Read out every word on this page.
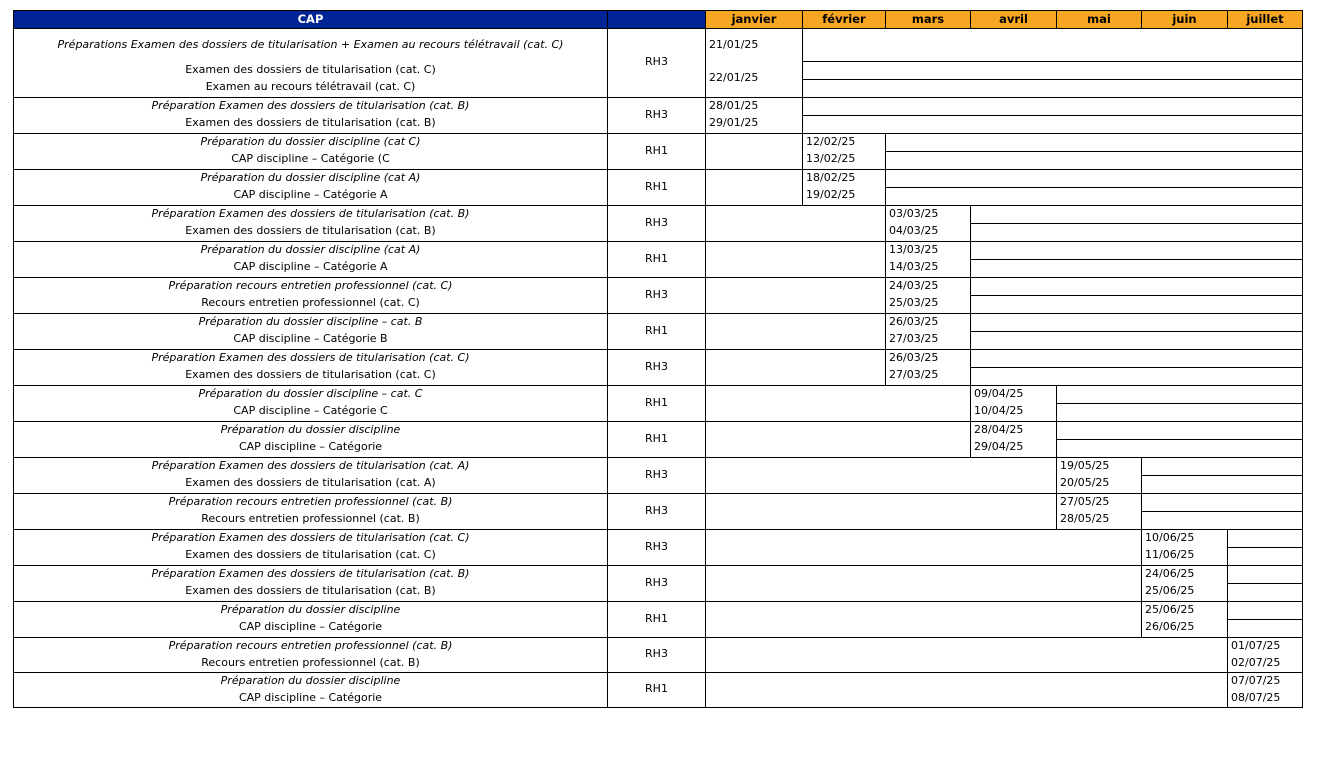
CAP		janvier	février	mars	avril	mai	juin	juillet
Préparations Examen des dossiers de titularisation + Examen au recours télétravail (cat. C)	RH3	21/01/25						
Examen des dossiers de titularisation (cat. C)		22/01/25						
Examen au recours télétravail (cat. C)								
Préparation Examen des dossiers de titularisation (cat. B)	RH3	28/01/25						
Examen des dossiers de titularisation (cat. B)		29/01/25						
Préparation du dossier discipline (cat C)	RH1		12/02/25					
CAP discipline – Catégorie (C			13/02/25					
Préparation du dossier discipline (cat A)	RH1		18/02/25					
CAP discipline – Catégorie A			19/02/25					
Préparation Examen des dossiers de titularisation (cat. B)	RH3			03/03/25				
Examen des dossiers de titularisation (cat. B)				04/03/25				
Préparation du dossier discipline (cat A)	RH1			13/03/25				
CAP discipline – Catégorie A				14/03/25				
Préparation recours entretien professionnel (cat. C)	RH3			24/03/25				
Recours entretien professionnel (cat. C)				25/03/25				
Préparation du dossier discipline – cat. B	RH1			26/03/25				
CAP discipline – Catégorie B				27/03/25				
Préparation Examen des dossiers de titularisation (cat. C)	RH3			26/03/25				
Examen des dossiers de titularisation (cat. C)				27/03/25				
Préparation du dossier discipline – cat. C	RH1				09/04/25			
CAP discipline – Catégorie C					10/04/25			
Préparation du dossier discipline	RH1				28/04/25			
CAP discipline – Catégorie					29/04/25			
Préparation Examen des dossiers de titularisation (cat. A)	RH3					19/05/25		
Examen des dossiers de titularisation (cat. A)						20/05/25		
Préparation recours entretien professionnel (cat. B)	RH3					27/05/25		
Recours entretien professionnel (cat. B)						28/05/25		
Préparation Examen des dossiers de titularisation (cat. C)	RH3						10/06/25	
Examen des dossiers de titularisation (cat. C)							11/06/25	
Préparation Examen des dossiers de titularisation (cat. B)	RH3						24/06/25	
Examen des dossiers de titularisation (cat. B)							25/06/25	
Préparation du dossier discipline	RH1						25/06/25	
CAP discipline – Catégorie							26/06/25	
Préparation recours entretien professionnel (cat. B)	RH3							01/07/25
Recours entretien professionnel (cat. B)								02/07/25
Préparation du dossier discipline	RH1							07/07/25
CAP discipline – Catégorie								08/07/25
